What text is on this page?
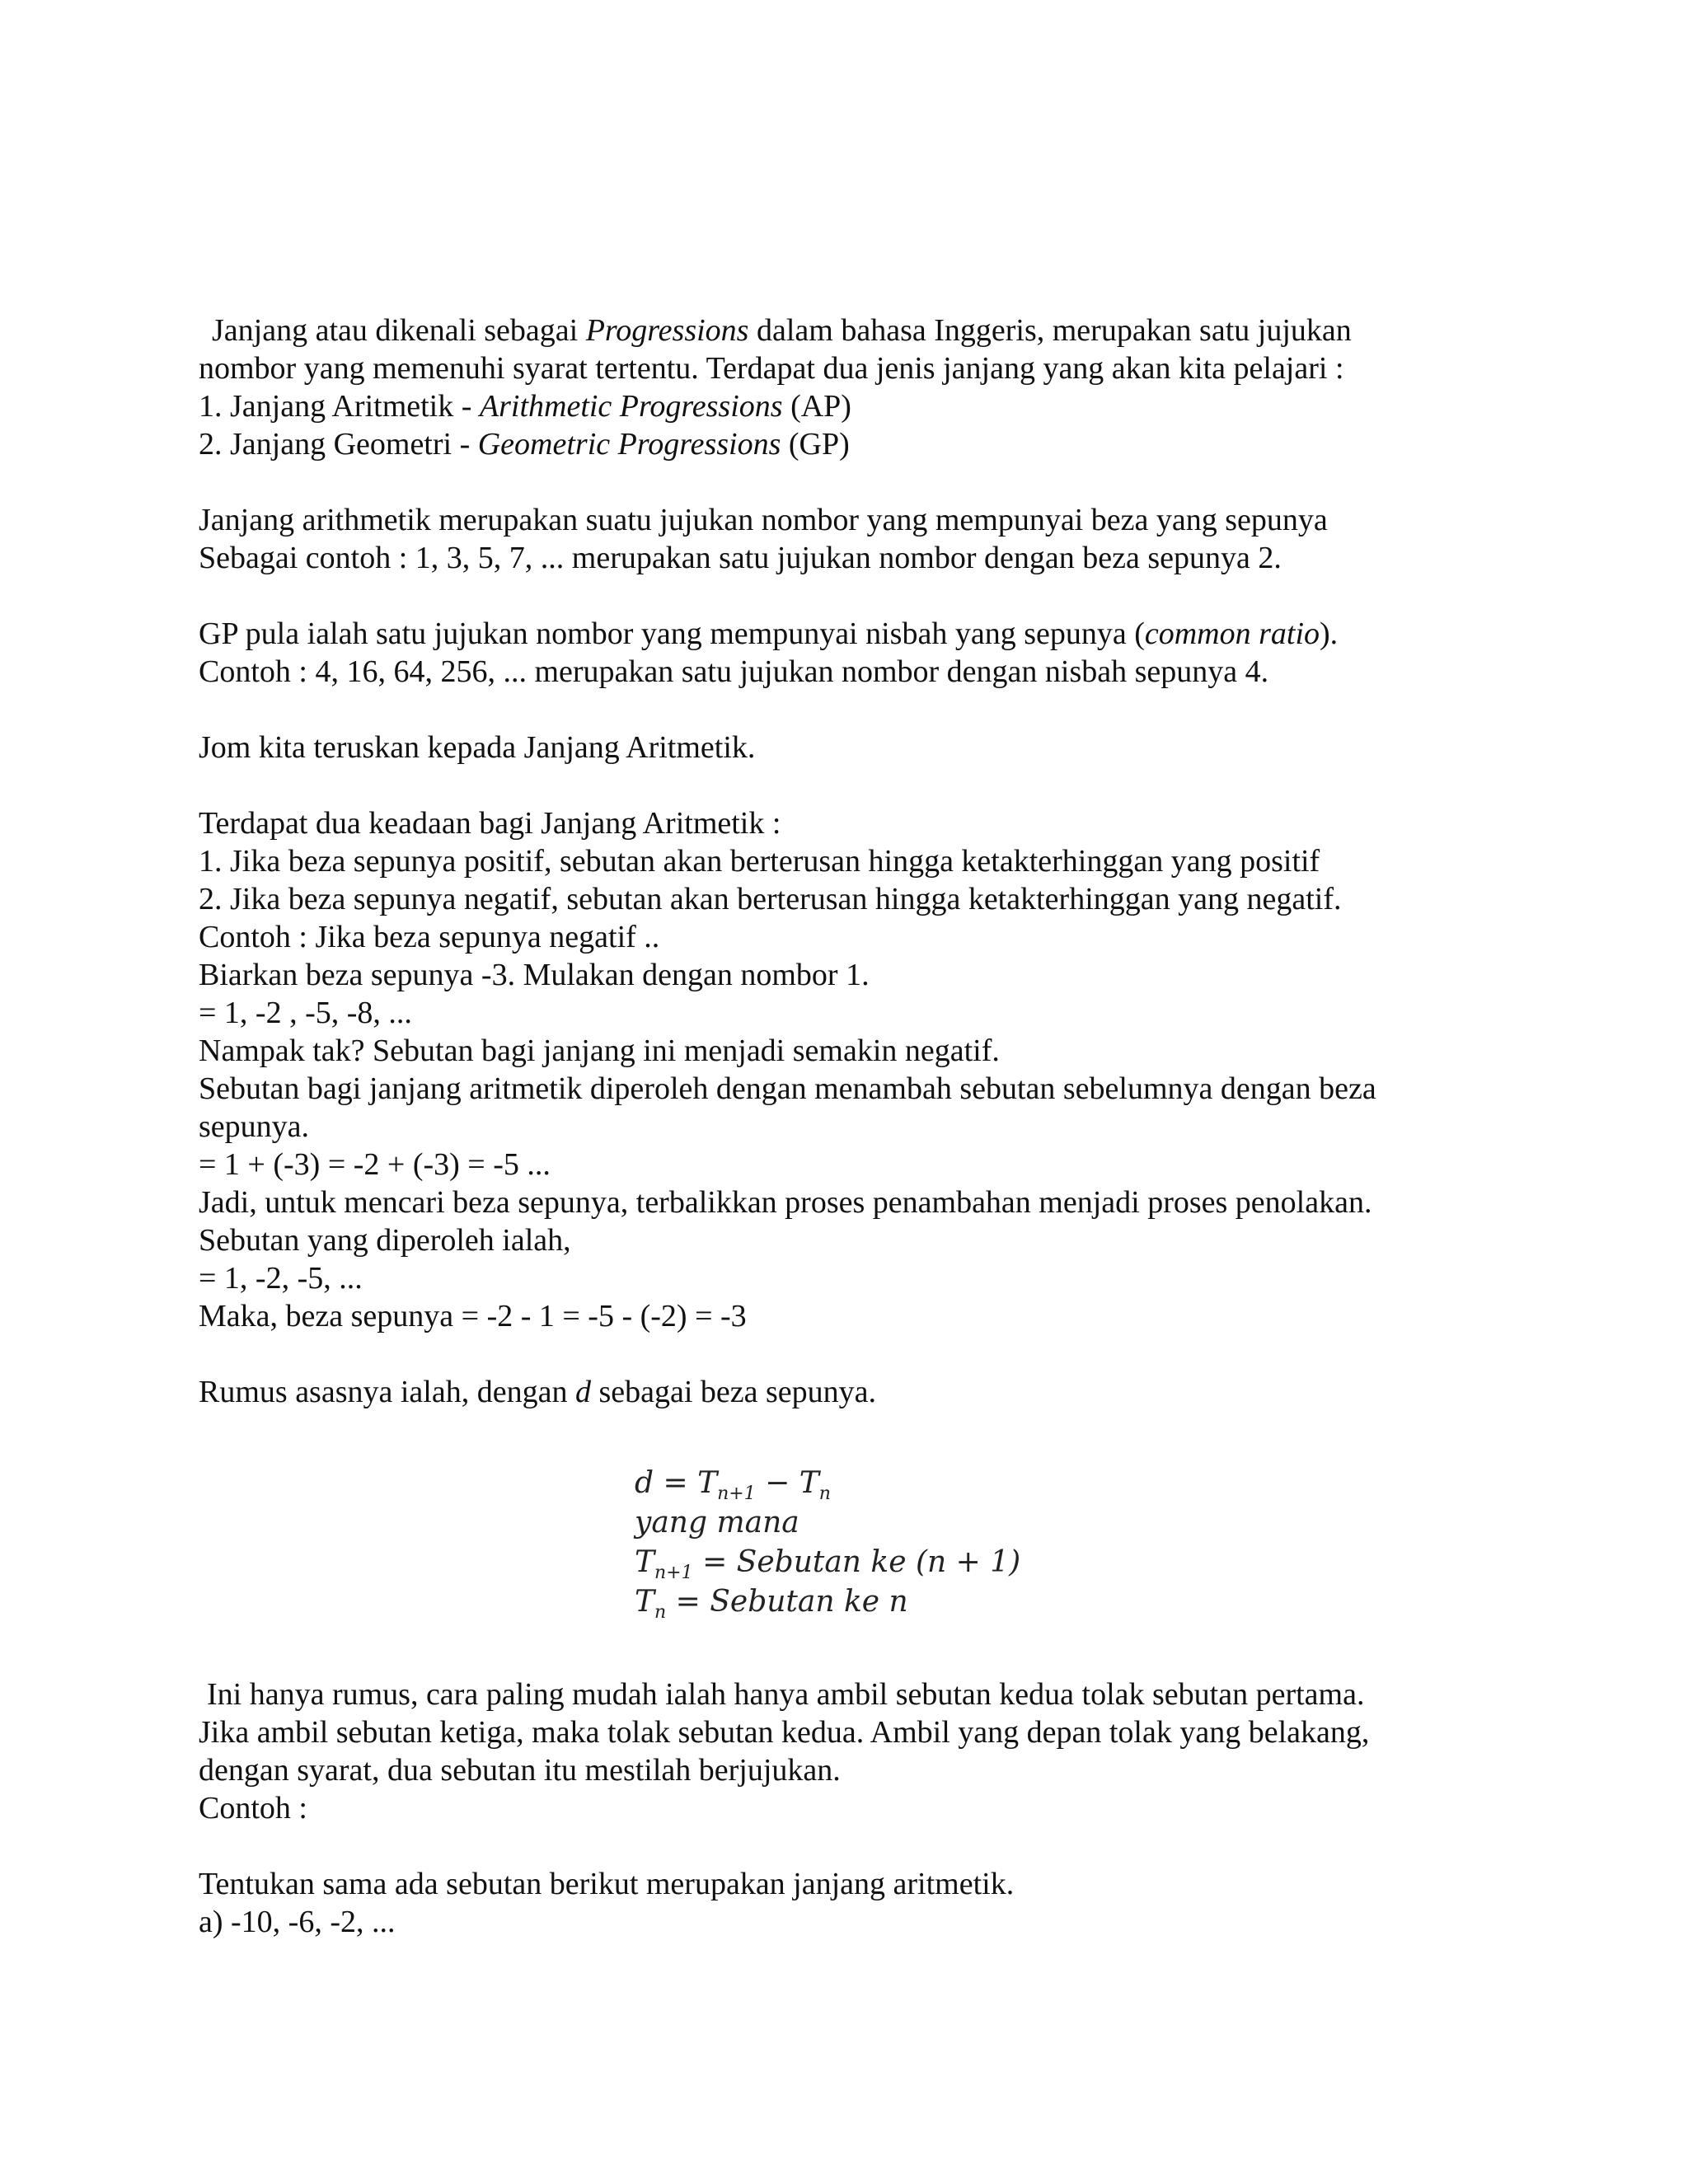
Janjang atau dikenali sebagai Progressions dalam bahasa Inggeris, merupakan satu jujukan
nombor yang memenuhi syarat tertentu. Terdapat dua jenis janjang yang akan kita pelajari :
1. Janjang Aritmetik - Arithmetic Progressions (AP)
2. Janjang Geometri - Geometric Progressions (GP)
Janjang arithmetik merupakan suatu jujukan nombor yang mempunyai beza yang sepunya
Sebagai contoh : 1, 3, 5, 7, ... merupakan satu jujukan nombor dengan beza sepunya 2.
GP pula ialah satu jujukan nombor yang mempunyai nisbah yang sepunya (common ratio).
Contoh : 4, 16, 64, 256, ... merupakan satu jujukan nombor dengan nisbah sepunya 4.
Jom kita teruskan kepada Janjang Aritmetik.
Terdapat dua keadaan bagi Janjang Aritmetik :
1. Jika beza sepunya positif, sebutan akan berterusan hingga ketakterhinggan yang positif
2. Jika beza sepunya negatif, sebutan akan berterusan hingga ketakterhinggan yang negatif.
Contoh : Jika beza sepunya negatif ..
Biarkan beza sepunya -3. Mulakan dengan nombor 1.
= 1, -2 , -5, -8, ...
Nampak tak? Sebutan bagi janjang ini menjadi semakin negatif.
Sebutan bagi janjang aritmetik diperoleh dengan menambah sebutan sebelumnya dengan beza
sepunya.
= 1 + (-3) = -2 + (-3) = -5 ...
Jadi, untuk mencari beza sepunya, terbalikkan proses penambahan menjadi proses penolakan.
Sebutan yang diperoleh ialah,
= 1, -2, -5, ...
Maka, beza sepunya = -2 - 1 = -5 - (-2) = -3
Rumus asasnya ialah, dengan d sebagai beza sepunya.
$d = T_{n+1} - T_n$
yang mana
$T_{n+1}$ = Sebutan ke (n + 1)
$T_n$ = Sebutan ke n
Ini hanya rumus, cara paling mudah ialah hanya ambil sebutan kedua tolak sebutan pertama.
Jika ambil sebutan ketiga, maka tolak sebutan kedua. Ambil yang depan tolak yang belakang,
dengan syarat, dua sebutan itu mestilah berjujukan.
Contoh :
Tentukan sama ada sebutan berikut merupakan janjang aritmetik.
a) -10, -6, -2, ...
